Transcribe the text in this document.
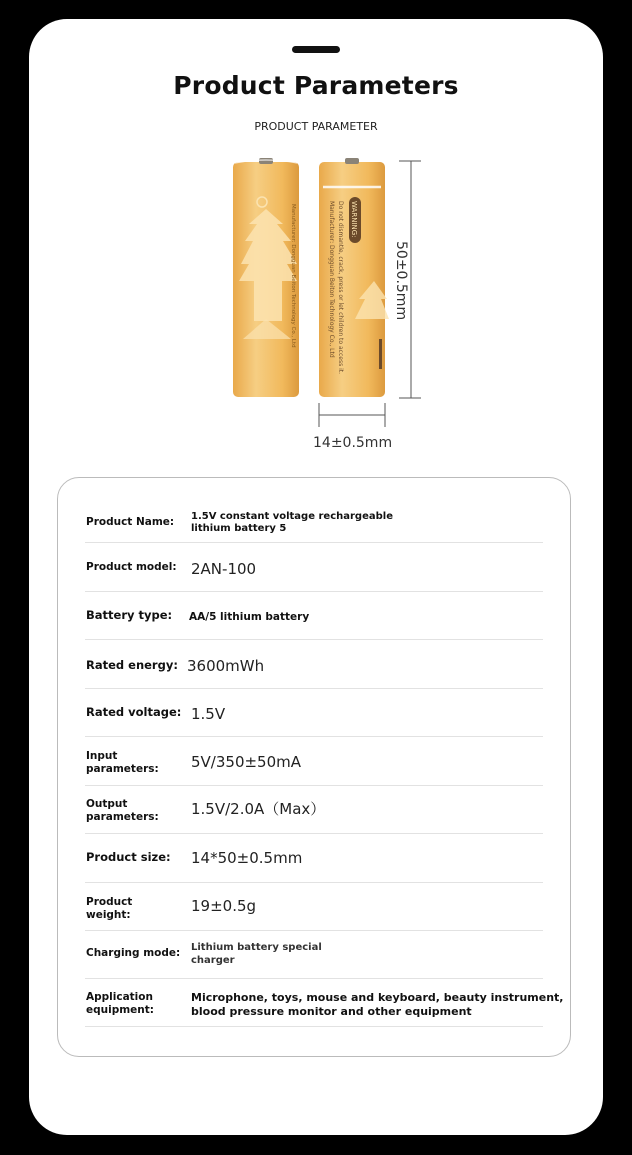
Product Parameters
PRODUCT PARAMETER
Manufacturer: Dongguan Beiton Technology Co., Ltd	WARNING:
Do not dismantle, crack, press or let children to access it.
Manufacturer: Dongguan Beiton Technology Co., Ltd	50±0.5mm
14±0.5mm
Product Name: 1.5V constant voltage rechargeable lithium battery 5
Product model: 2AN-100
Battery type: AA/5 lithium battery
Rated energy: 3600mWh
Rated voltage: 1.5V
Input parameters:	5V/350±50mA
Output parameters:	1.5V/2.0A（Max）
Product size: 14*50±0.5mm
Product weight:	19±0.5g
Charging mode: Lithium battery special charger
Application equipment:
Microphone, toys, mouse and keyboard, beauty instrument, blood pressure monitor and other equipment
